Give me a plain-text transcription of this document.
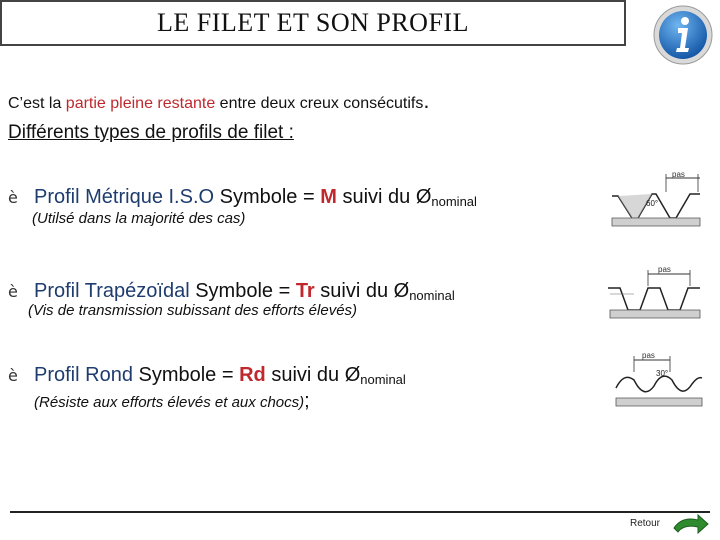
LE FILET ET SON PROFIL
C’est la partie pleine restante entre deux creux consécutifs.
Différents types de profils de filet :
è Profil Métrique I.S.O Symbole = M suivi du $Ø_{nominal}$
(Utilsé dans la majorité des cas)
pas
60°
è Profil Trapézoïdal Symbole = Tr suivi du $Ø_{nominal}$
(Vis de transmission subissant des efforts élevés)
pas
è Profil Rond Symbole = Rd suivi du $Ø_{nominal}$
(Résiste aux efforts élevés et aux chocs);
pas
30°
Retour
